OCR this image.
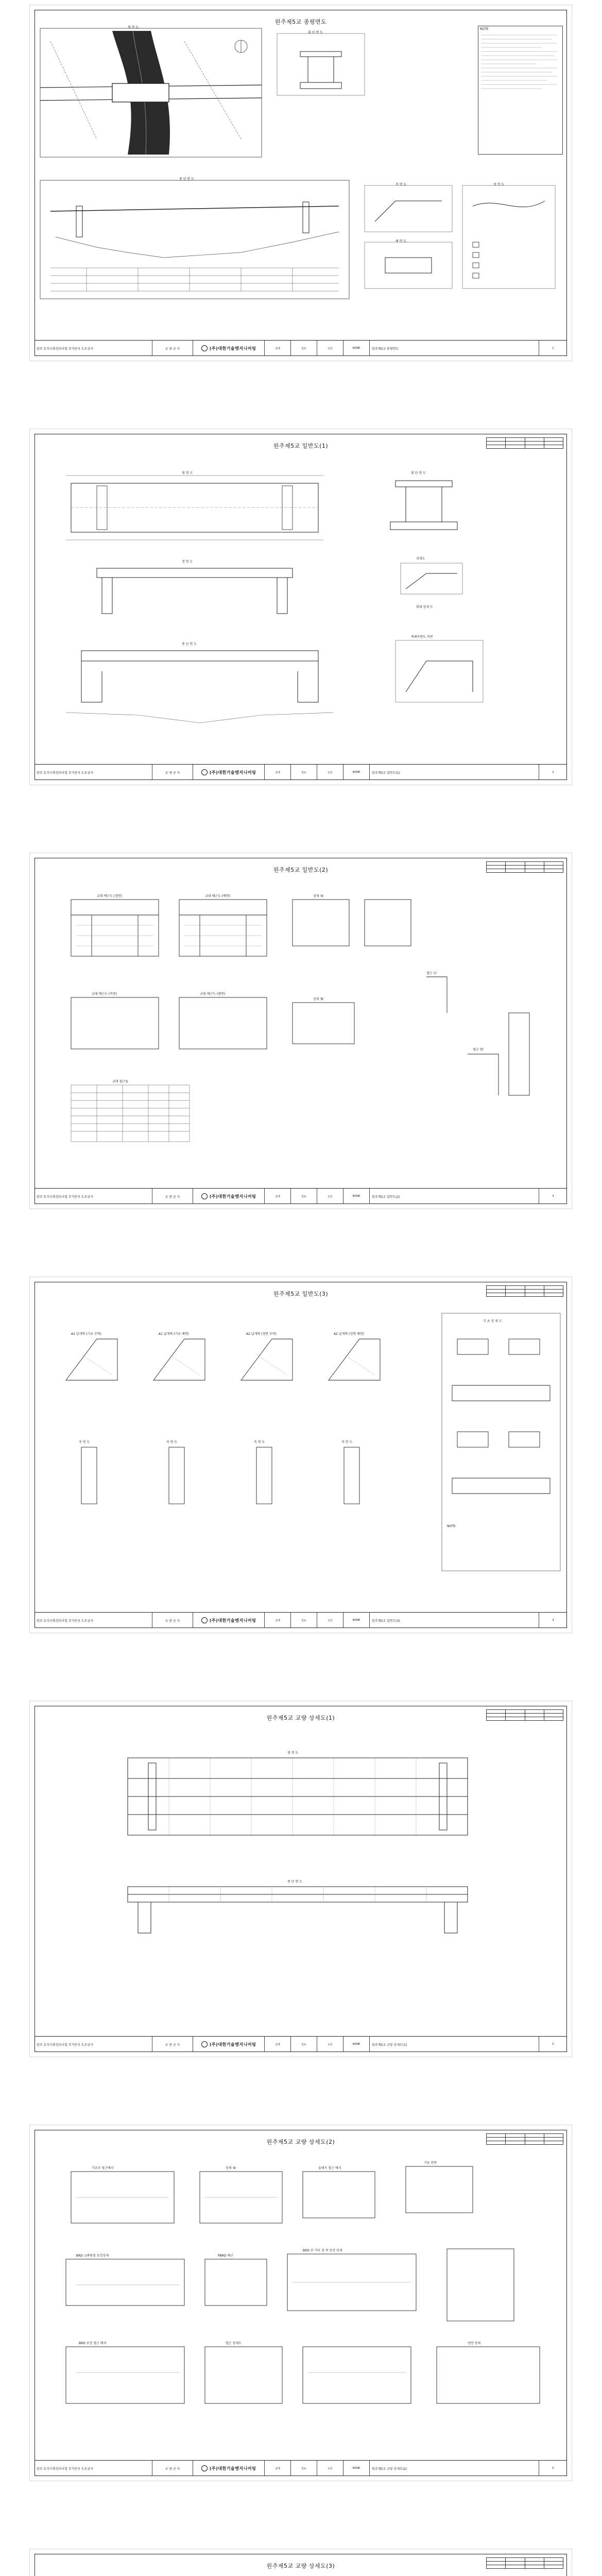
원주제5교 종평면도
평 면 도
횡 단 면 도
종 단 면 도
측 면 도
배 면 도
정 면 도
NOTE
원주 토지구획정리사업 주거단지 도로공사	교 량 공 사	(주)대한기술엔지니어링	설계	검토	승인	NONE	원주제5교 종평면도	1
원주제5교 일반도(1)

평 면 도	횡 단 면 도
정 면 도
종 단 면 도
상세도
확대 상세 도
벽체측면도 측면
원주 토지구획정리사업 주거단지 도로공사	교 량 공 사	(주)대한기술엔지니어링	설계	검토	승인	NONE	원주제5교 일반도(1)	2
원주제5교 일반도(2)

교대 배근도 (정면)	교대 배근도 (배면)	상세 'A'
교대 배근도 (측면)
상세 'B'
교대 배근도 (평면)
철근 'C'
철근 'D'
교대 철근표
원주 토지구획정리사업 주거단지 도로공사	교 량 공 사	(주)대한기술엔지니어링	설계	검토	승인	NONE	원주제5교 일반도(2)	3
원주제5교 일반도(3)

A1 날개벽 (기초 부착)	A1 날개벽 (기초 배면)	A2 날개벽 (정면 부착)	A2 날개벽 (정면 배면)
측 면 도	측 면 도	측 면 도	측 면 도
기 초 상 세 도
NOTE
원주 토지구획정리사업 주거단지 도로공사	교 량 공 사	(주)대한기술엔지니어링	설계	검토	승인	NONE	원주제5교 일반도(3)	4
원주제5교 교량 상세도(1)

평 면 도
종 단 면 도
원주 토지구획정리사업 주거단지 도로공사	교 량 공 사	(주)대한기술엔지니어링	설계	검토	승인	NONE	원주제5교 교량 상세도(1)	5
원주제5교 교량 상세도(2)

기초부 철근배치	상세 'A'	슬래브 철근 배치
기둥 단면
BRD 교좌받침 보강상세	PBRD 배근
BRD 주 거더 정 착 보강 상세
BRD 보강 철근 배치	철근 상세도	단면 상세
원주 토지구획정리사업 주거단지 도로공사	교 량 공 사	(주)대한기술엔지니어링	설계	검토	승인	NONE	원주제5교 교량 상세도(2)	6
원주제5교 교량 상세도(3)
